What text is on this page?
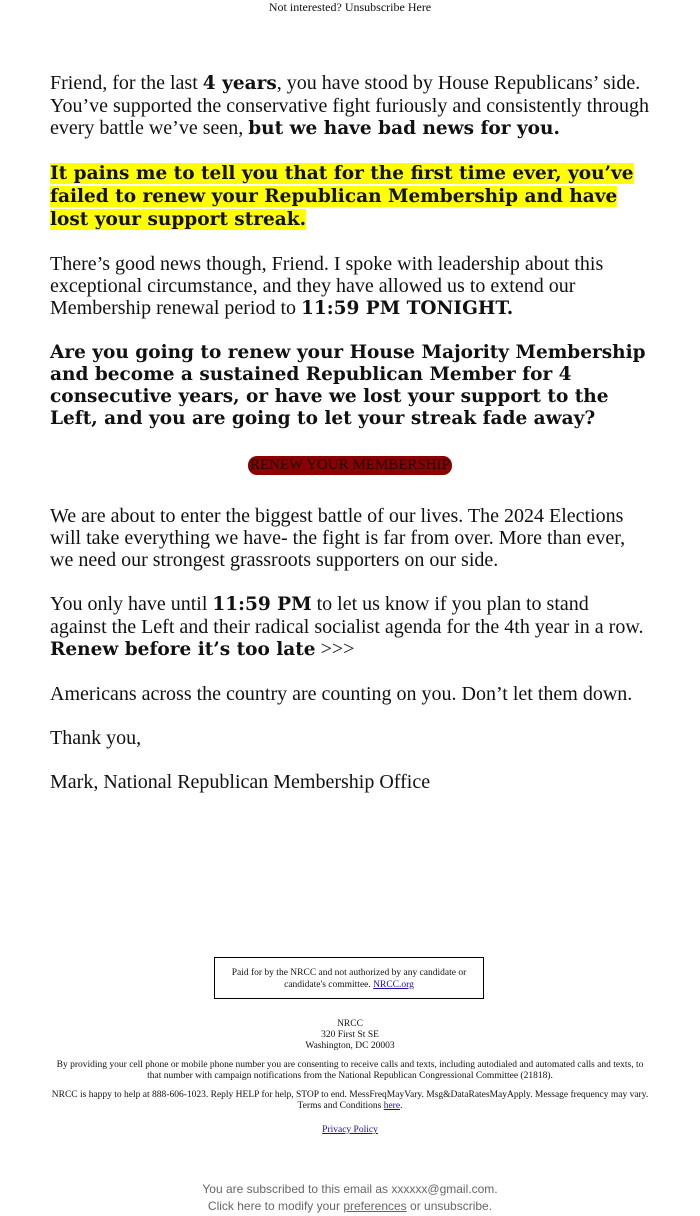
Not interested? Unsubscribe Here

Friend, for the last 4 years, you have stood by House Republicans’ side. You’ve supported the conservative fight furiously and consistently through every battle we’ve seen, but we have bad news for you.

It pains me to tell you that for the first time ever, you’ve failed to renew your Republican Membership and have lost your support streak.

There’s good news though, Friend. I spoke with leadership about this exceptional circumstance, and they have allowed us to extend our Membership renewal period to 11:59 PM TONIGHT.

Are you going to renew your House Majority Membership and become a sustained Republican Member for 4 consecutive years, or have we lost your support to the Left, and you are going to let your streak fade away?

RENEW YOUR MEMBERSHIP

We are about to enter the biggest battle of our lives. The 2024 Elections will take everything we have- the fight is far from over. More than ever, we need our strongest grassroots supporters on our side.

You only have until 11:59 PM to let us know if you plan to stand against the Left and their radical socialist agenda for the 4th year in a row. Renew before it’s too late >>>

Americans across the country are counting on you. Don’t let them down.

Thank you,

Mark, National Republican Membership Office

Paid for by the NRCC and not authorized by any candidate or candidate's committee. NRCC.org
NRCC
320 First St SE
Washington, DC 20003
By providing your cell phone or mobile phone number you are consenting to receive calls and texts, including autodialed and automated calls and texts, to that number with campaign notifications from the National Republican Congressional Committee (21818).
NRCC is happy to help at 888-606-1023. Reply HELP for help, STOP to end. MessFreqMayVary. Msg&DataRatesMayApply. Message frequency may vary. Terms and Conditions here.
Privacy Policy
You are subscribed to this email as xxxxxx@gmail.com.
Click here to modify your preferences or unsubscribe.
